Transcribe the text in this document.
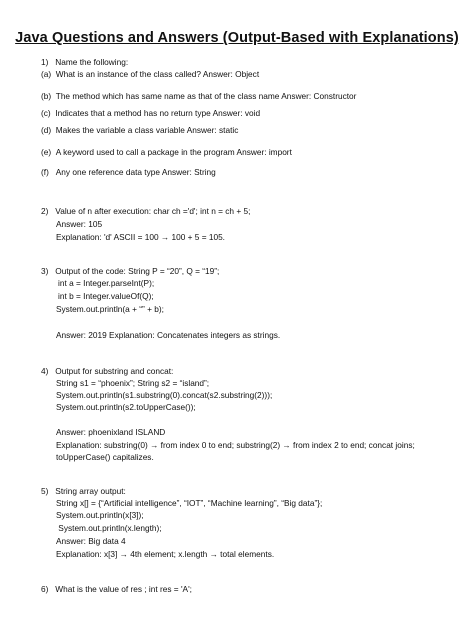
Java Questions and Answers (Output-Based with Explanations)
1)   Name the following:
(a)  What is an instance of the class called? Answer: Object
(b)  The method which has same name as that of the class name Answer: Constructor
(c)  Indicates that a method has no return type Answer: void
(d)  Makes the variable a class variable Answer: static
(e)  A keyword used to call a package in the program Answer: import
(f)   Any one reference data type Answer: String
2)   Value of n after execution: char ch ='d'; int n = ch + 5;
Answer: 105
Explanation: 'd' ASCII = 100 → 100 + 5 = 105.
3)   Output of the code: String P = “20”, Q = “19”;
int a = Integer.parseInt(P);
int b = Integer.valueOf(Q);
System.out.println(a + “” + b);
Answer: 2019 Explanation: Concatenates integers as strings.
4)   Output for substring and concat:
String s1 = “phoenix”; String s2 = “island”;
System.out.println(s1.substring(0).concat(s2.substring(2)));
System.out.println(s2.toUpperCase());
Answer: phoenixland ISLAND
Explanation: substring(0) → from index 0 to end; substring(2) → from index 2 to end; concat joins;
toUpperCase() capitalizes.
5)   String array output:
String x[] = {“Artificial intelligence”, “IOT”, “Machine learning”, “Big data”};
System.out.println(x[3]);
System.out.println(x.length);
Answer: Big data 4
Explanation: x[3] → 4th element; x.length → total elements.
6)   What is the value of res ; int res = 'A';
